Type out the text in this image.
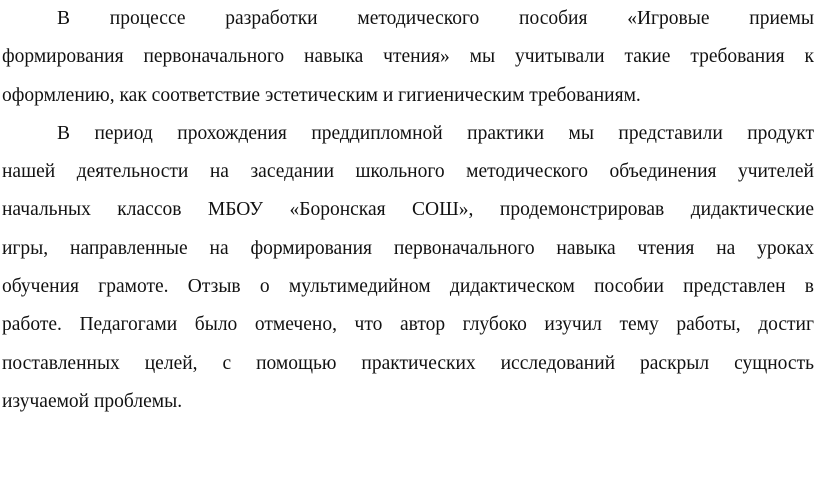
В процессе разработки методического пособия «Игровые приемы
формирования первоначального навыка чтения» мы учитывали такие требования к
оформлению, как соответствие эстетическим и гигиеническим требованиям.
В период прохождения преддипломной практики мы представили продукт
нашей деятельности на заседании школьного методического объединения учителей
начальных классов МБОУ «Боронская СОШ», продемонстрировав дидактические
игры, направленные на формирования первоначального навыка чтения на уроках
обучения грамоте. Отзыв о мультимедийном дидактическом пособии представлен в
работе. Педагогами было отмечено, что автор глубоко изучил тему работы, достиг
поставленных целей, с помощью практических исследований раскрыл сущность
изучаемой проблемы.
